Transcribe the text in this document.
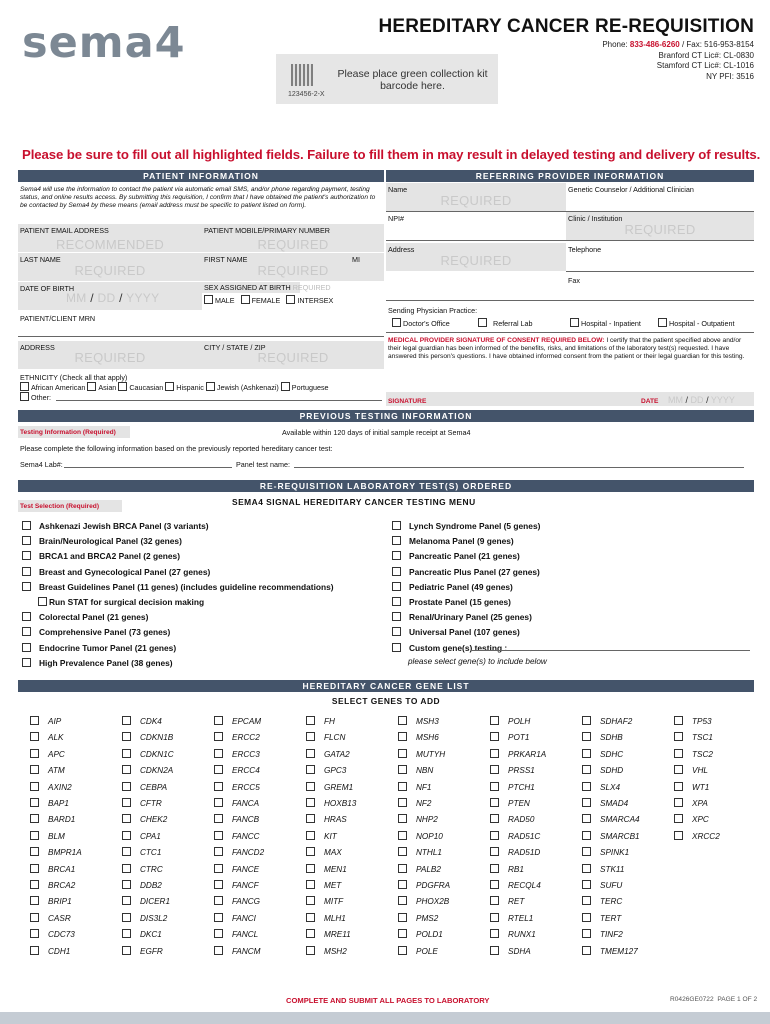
sema4	HEREDITARY CANCER RE-REQUISITION
Phone: 833-486-6260 / Fax: 516-953-8154
Branford CT Lic#: CL-0830
Stamford CT Lic#: CL-1016
NY PFI: 3516
123456-2-X
Please place green collection kit barcode here.
Please be sure to fill out all highlighted fields. Failure to fill them in may result in delayed testing and delivery of results.
PATIENT INFORMATION
Sema4 will use the information to contact the patient via automatic email SMS, and/or phone regarding payment, testing status, and online results access. By submitting this requisition, I confirm that I have obtained the patient's authorization to be contacted by Sema4 by these means (email address must be specific to patient listed on form).
PATIENT EMAIL ADDRESS
RECOMMENDED
PATIENT MOBILE/PRIMARY NUMBER
REQUIRED
LAST NAME
REQUIRED
FIRST NAME	MI
REQUIRED
DATE OF BIRTH
MM / DD / YYYY
SEX ASSIGNED AT BIRTH REQUIRED
MALE FEMALE INTERSEX
PATIENT/CLIENT MRN
ADDRESS
REQUIRED
CITY / STATE / ZIP
REQUIRED
ETHNICITY (Check all that apply)
African American Asian Caucasian Hispanic Jewish (Ashkenazi) Portuguese
Other:
REFERRING PROVIDER INFORMATION
Name
REQUIRED
Genetic Counselor / Additional Clinician
NPI#	Clinic / Institution
REQUIRED
Address
REQUIRED
Telephone
Fax
Sending Physician Practice:
Doctor's Office	Referral Lab	Hospital - Inpatient	Hospital - Outpatient
MEDICAL PROVIDER SIGNATURE OF CONSENT REQUIRED BELOW: I certify that the patient specified above and/or their legal guardian has been informed of the benefits, risks, and limitations of the laboratory test(s) requested. I have answered this person's questions. I have obtained informed consent from the patient or their legal guardian for this testing.
SIGNATURE	DATE MM / DD / YYYY
PREVIOUS TESTING INFORMATION
Testing Information (Required)	Available within 120 days of initial sample receipt at Sema4
Please complete the following information based on the previously reported hereditary cancer test:
Sema4 Lab#:	Panel test name:
RE-REQUISITION LABORATORY TEST(S) ORDERED
Test Selection (Required)	SEMA4 SIGNAL HEREDITARY CANCER TESTING MENU
Ashkenazi Jewish BRCA Panel (3 variants)
Brain/Neurological Panel (32 genes)
BRCA1 and BRCA2 Panel (2 genes)
Breast and Gynecological Panel (27 genes)
Breast Guidelines Panel (11 genes) (includes guideline recommendations)
Run STAT for surgical decision making
Colorectal Panel (21 genes)
Comprehensive Panel (73 genes)
Endocrine Tumor Panel (21 genes)
High Prevalence Panel (38 genes)
Lynch Syndrome Panel (5 genes)
Melanoma Panel (9 genes)
Pancreatic Panel (21 genes)
Pancreatic Plus Panel (27 genes)
Pediatric Panel (49 genes)
Prostate Panel (15 genes)
Renal/Urinary Panel (25 genes)
Universal Panel (107 genes)
Custom gene(s) testing :
please select gene(s) to include below
HEREDITARY CANCER GENE LIST
SELECT GENES TO ADD
AIP
ALK
APC
ATM
AXIN2
BAP1
BARD1
BLM
BMPR1A
BRCA1
BRCA2
BRIP1
CASR
CDC73
CDH1
CDK4
CDKN1B
CDKN1C
CDKN2A
CEBPA
CFTR
CHEK2
CPA1
CTC1
CTRC
DDB2
DICER1
DIS3L2
DKC1
EGFR
EPCAM
ERCC2
ERCC3
ERCC4
ERCC5
FANCA
FANCB
FANCC
FANCD2
FANCE
FANCF
FANCG
FANCI
FANCL
FANCM
FH
FLCN
GATA2
GPC3
GREM1
HOXB13
HRAS
KIT
MAX
MEN1
MET
MITF
MLH1
MRE11
MSH2
MSH3
MSH6
MUTYH
NBN
NF1
NF2
NHP2
NOP10
NTHL1
PALB2
PDGFRA
PHOX2B
PMS2
POLD1
POLE
POLH
POT1
PRKAR1A
PRSS1
PTCH1
PTEN
RAD50
RAD51C
RAD51D
RB1
RECQL4
RET
RTEL1
RUNX1
SDHA
SDHAF2
SDHB
SDHC
SDHD
SLX4
SMAD4
SMARCA4
SMARCB1
SPINK1
STK11
SUFU
TERC
TERT
TINF2
TMEM127
TP53
TSC1
TSC2
VHL
WT1
XPA
XPC
XRCC2
COMPLETE AND SUBMIT ALL PAGES TO LABORATORY	R0426GE0722 PAGE 1 OF 2
